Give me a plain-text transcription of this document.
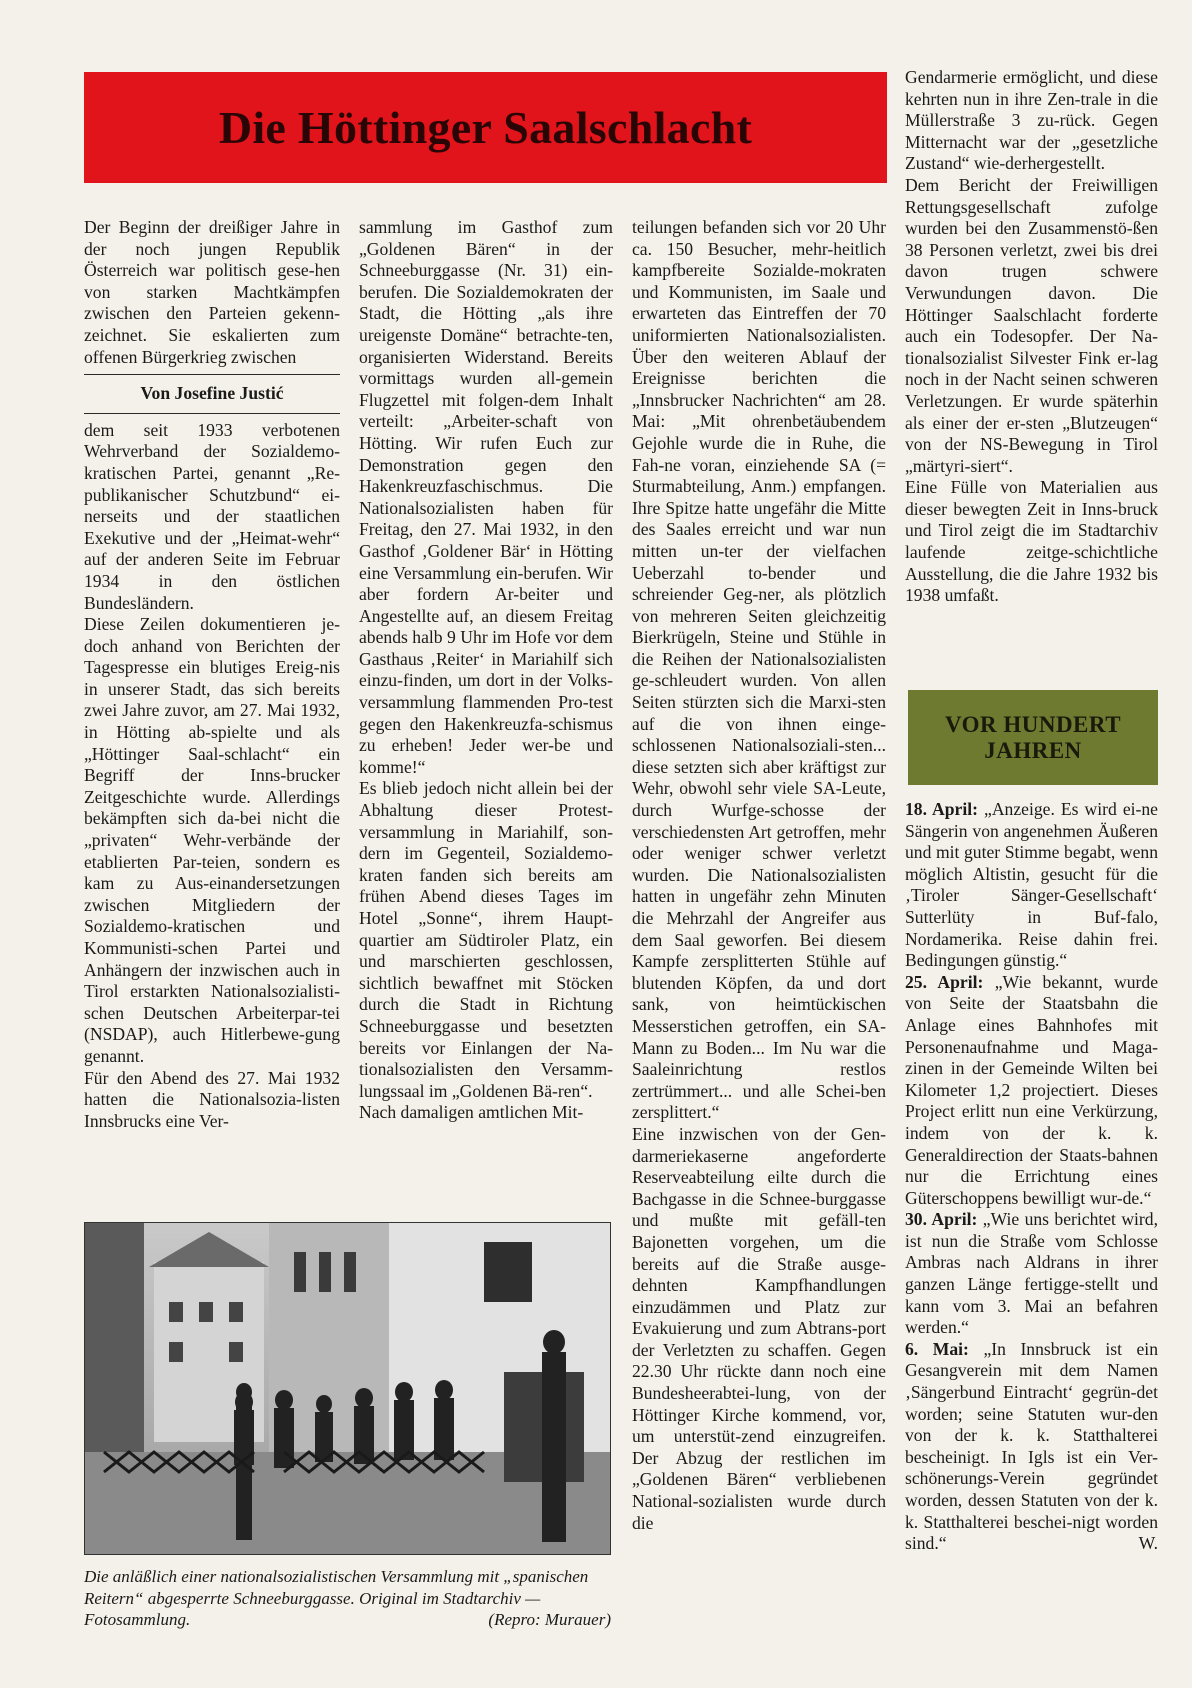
Die Höttinger Saalschlacht

Der Beginn der dreißiger Jahre in der noch jungen Republik Österreich war politisch gese-hen von starken Machtkämpfen zwischen den Parteien gekenn-zeichnet. Sie eskalierten zum offenen Bürgerkrieg zwischen

Von Josefine Justić

dem seit 1933 verbotenen Wehrverband der Sozialdemo-kratischen Partei, genannt „Re-publikanischer Schutzbund“ ei-nerseits und der staatlichen Exekutive und der „Heimat-wehr“ auf der anderen Seite im Februar 1934 in den östlichen Bundesländern.

Diese Zeilen dokumentieren je-doch anhand von Berichten der Tagespresse ein blutiges Ereig-nis in unserer Stadt, das sich bereits zwei Jahre zuvor, am 27. Mai 1932, in Hötting ab-spielte und als „Höttinger Saal-schlacht“ ein Begriff der Inns-brucker Zeitgeschichte wurde. Allerdings bekämpften sich da-bei nicht die „privaten“ Wehr-verbände der etablierten Par-teien, sondern es kam zu Aus-einandersetzungen zwischen Mitgliedern der Sozialdemo-kratischen und Kommunisti-schen Partei und Anhängern der inzwischen auch in Tirol erstarkten Nationalsozialisti-schen Deutschen Arbeiterpar-tei (NSDAP), auch Hitlerbewe-gung genannt.

Für den Abend des 27. Mai 1932 hatten die Nationalsozia-listen Innsbrucks eine Ver-

sammlung im Gasthof zum „Goldenen Bären“ in der Schneeburggasse (Nr. 31) ein-berufen. Die Sozialdemokraten der Stadt, die Hötting „als ihre ureigenste Domäne“ betrachte-ten, organisierten Widerstand. Bereits vormittags wurden all-gemein Flugzettel mit folgen-dem Inhalt verteilt: „Arbeiter-schaft von Hötting. Wir rufen Euch zur Demonstration gegen den Hakenkreuzfaschischmus. Die Nationalsozialisten haben für Freitag, den 27. Mai 1932, in den Gasthof ‚Goldener Bär‘ in Hötting eine Versammlung ein-berufen. Wir aber fordern Ar-beiter und Angestellte auf, an diesem Freitag abends halb 9 Uhr im Hofe vor dem Gasthaus ‚Reiter‘ in Mariahilf sich einzu-finden, um dort in der Volks-versammlung flammenden Pro-test gegen den Hakenkreuzfa-schismus zu erheben! Jeder wer-be und komme!“

Es blieb jedoch nicht allein bei der Abhaltung dieser Protest-versammlung in Mariahilf, son-dern im Gegenteil, Sozialdemo-kraten fanden sich bereits am frühen Abend dieses Tages im Hotel „Sonne“, ihrem Haupt-quartier am Südtiroler Platz, ein und marschierten geschlossen, sichtlich bewaffnet mit Stöcken durch die Stadt in Richtung Schneeburggasse und besetzten bereits vor Einlangen der Na-tionalsozialisten den Versamm-lungssaal im „Goldenen Bä-ren“.

Nach damaligen amtlichen Mit-

teilungen befanden sich vor 20 Uhr ca. 150 Besucher, mehr-heitlich kampfbereite Sozialde-mokraten und Kommunisten, im Saale und erwarteten das Eintreffen der 70 uniformierten Nationalsozialisten. Über den weiteren Ablauf der Ereignisse berichten die „Innsbrucker Nachrichten“ am 28. Mai: „Mit ohrenbetäubendem Gejohle wurde die in Ruhe, die Fah-ne voran, einziehende SA (= Sturmabteilung, Anm.) empfangen. Ihre Spitze hatte ungefähr die Mitte des Saales erreicht und war nun mitten un-ter der vielfachen Ueberzahl to-bender und schreiender Geg-ner, als plötzlich von mehreren Seiten gleichzeitig Bierkrügeln, Steine und Stühle in die Reihen der Nationalsozialisten ge-schleudert wurden. Von allen Seiten stürzten sich die Marxi-sten auf die von ihnen einge-schlossenen Nationalsoziali-sten... diese setzten sich aber kräftigst zur Wehr, obwohl sehr viele SA-Leute, durch Wurfge-schosse der verschiedensten Art getroffen, mehr oder weniger schwer verletzt wurden. Die Nationalsozialisten hatten in ungefähr zehn Minuten die Mehrzahl der Angreifer aus dem Saal geworfen. Bei diesem Kampfe zersplitterten Stühle auf blutenden Köpfen, da und dort sank, von heimtückischen Messerstichen getroffen, ein SA-Mann zu Boden... Im Nu war die Saaleinrichtung restlos zertrümmert... und alle Schei-ben zersplittert.“

Eine inzwischen von der Gen-darmeriekaserne angeforderte Reserveabteilung eilte durch die Bachgasse in die Schnee-burggasse und mußte mit gefäll-ten Bajonetten vorgehen, um die bereits auf die Straße ausge-dehnten Kampfhandlungen einzudämmen und Platz zur Evakuierung und zum Abtrans-port der Verletzten zu schaffen. Gegen 22.30 Uhr rückte dann noch eine Bundesheerabtei-lung, von der Höttinger Kirche kommend, vor, um unterstüt-zend einzugreifen. Der Abzug der restlichen im „Goldenen Bären“ verbliebenen National-sozialisten wurde durch die

Gendarmerie ermöglicht, und diese kehrten nun in ihre Zen-trale in die Müllerstraße 3 zu-rück. Gegen Mitternacht war der „gesetzliche Zustand“ wie-derhergestellt.

Dem Bericht der Freiwilligen Rettungsgesellschaft zufolge wurden bei den Zusammenstö-ßen 38 Personen verletzt, zwei bis drei davon trugen schwere Verwundungen davon. Die Höttinger Saalschlacht forderte auch ein Todesopfer. Der Na-tionalsozialist Silvester Fink er-lag noch in der Nacht seinen schweren Verletzungen. Er wurde späterhin als einer der er-sten „Blutzeugen“ von der NS-Bewegung in Tirol „märtyri-siert“.

Eine Fülle von Materialien aus dieser bewegten Zeit in Inns-bruck und Tirol zeigt die im Stadtarchiv laufende zeitge-schichtliche Ausstellung, die die Jahre 1932 bis 1938 umfaßt.

Die anläßlich einer nationalsozialistischen Versammlung mit „spanischen Reitern“ abgesperrte Schneeburggasse. Original im Stadtarchiv — Fotosammlung.	(Repro: Murauer)
VOR HUNDERT
JAHREN

18. April: „Anzeige. Es wird ei-ne Sängerin von angenehmen Äußeren und mit guter Stimme begabt, wenn möglich Altistin, gesucht für die ‚Tiroler Sänger-Gesellschaft‘ Sutterlüty in Buf-falo, Nordamerika. Reise dahin frei. Bedingungen günstig.“

25. April: „Wie bekannt, wurde von Seite der Staatsbahn die Anlage eines Bahnhofes mit Personenaufnahme und Maga-zinen in der Gemeinde Wilten bei Kilometer 1,2 projectiert. Dieses Project erlitt nun eine Verkürzung, indem von der k. k. Generaldirection der Staats-bahnen nur die Errichtung eines Güterschoppens bewilligt wur-de.“

30. April: „Wie uns berichtet wird, ist nun die Straße vom Schlosse Ambras nach Aldrans in ihrer ganzen Länge fertigge-stellt und kann vom 3. Mai an befahren werden.“

6. Mai: „In Innsbruck ist ein Gesangverein mit dem Namen ‚Sängerbund Eintracht‘ gegrün-det worden; seine Statuten wur-den von der k. k. Statthalterei bescheinigt. In Igls ist ein Ver-schönerungs-Verein gegründet worden, dessen Statuten von der k. k. Statthalterei beschei-nigt worden sind.“	W.
